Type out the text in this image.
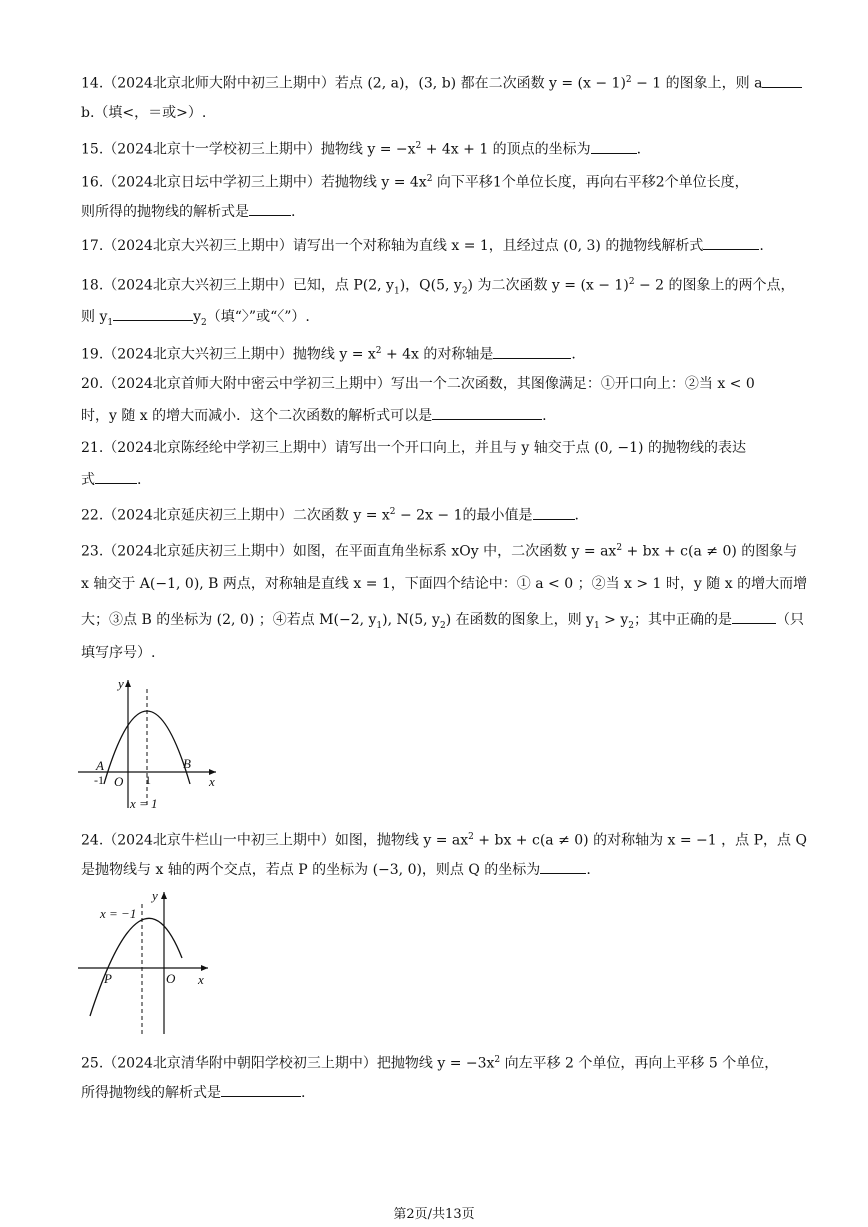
14.（2024北京北师大附中初三上期中）若点 (2, a)，(3, b) 都在二次函数 $y = (x - 1)^2 - 1$ 的图象上，则 a
b.（填<，＝或>）.
15.（2024北京十一学校初三上期中）抛物线 $y = -x^2 + 4x + 1$ 的顶点的坐标为	.
16.（2024北京日坛中学初三上期中）若抛物线 $y = 4x^2$ 向下平移1个单位长度，再向右平移2个单位长度，
则所得的抛物线的解析式是	.
17.（2024北京大兴初三上期中）请写出一个对称轴为直线 x = 1，且经过点 (0, 3) 的抛物线解析式	.
18.（2024北京大兴初三上期中）已知，点 P(2, $y_1$)，Q(5, $y_2$) 为二次函数 $y = (x - 1)^2 - 2$ 的图象上的两个点，
则 $y_1$	$y_2$（填“〉”或“〈”）.
19.（2024北京大兴初三上期中）抛物线 $y = x^2 + 4x$ 的对称轴是	.
20.（2024北京首师大附中密云中学初三上期中）写出一个二次函数，其图像满足：①开口向上：②当 x < 0
时，y 随 x 的增大而减小．这个二次函数的解析式可以是	.
21.（2024北京陈经纶中学初三上期中）请写出一个开口向上，并且与 y 轴交于点 (0, −1) 的抛物线的表达
式	.
22.（2024北京延庆初三上期中）二次函数 $y = x^2 - 2x - 1$的最小值是	.
23.（2024北京延庆初三上期中）如图，在平面直角坐标系 xOy 中，二次函数 $y = ax^2$ + bx + c(a ≠ 0) 的图象与
x 轴交于 A(−1, 0), B 两点，对称轴是直线 x = 1，下面四个结论中：① a < 0 ；②当 x > 1 时，y 随 x 的增大而增
大；③点 B 的坐标为 (2, 0) ；④若点 M(−2, $y_1$), N(5, $y_2$) 在函数的图象上，则 $y_1 > y_2$；其中正确的是	（只
填写序号）.
y
x
A	B
O 1
-1
x = 1
24.（2024北京牛栏山一中初三上期中）如图，抛物线 $y = ax^2$ + bx + c(a ≠ 0) 的对称轴为 x = −1 ，点 P，点 Q
是抛物线与 x 轴的两个交点，若点 P 的坐标为 (−3, 0)，则点 Q 的坐标为	.
x = −1
y
x
P	O
25.（2024北京清华附中朝阳学校初三上期中）把抛物线 $y = -3x^2$ 向左平移 2 个单位，再向上平移 5 个单位，
所得抛物线的解析式是	.
第2页/共13页
